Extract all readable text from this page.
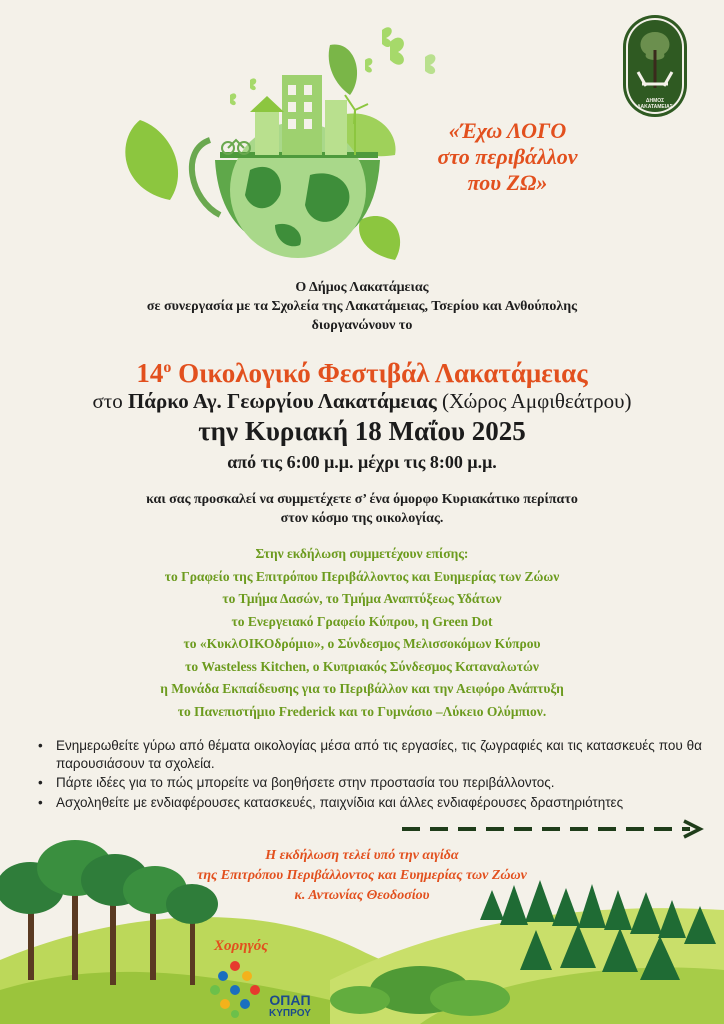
ΔΗΜΟΣ ΛΑΚΑΤΑΜΕΙΑΣ
«Έχω ΛΟΓΟ
στο περιβάλλον
που ΖΩ»
Ο Δήμος Λακατάμειας
σε συνεργασία με τα Σχολεία της Λακατάμειας, Τσερίου και Ανθούπολης
διοργανώνουν το
$14^o$ Οικολογικό Φεστιβάλ Λακατάμειας
στο Πάρκο Αγ. Γεωργίου Λακατάμειας (Χώρος Αμφιθεάτρου)
την Κυριακή 18 Μαΐου 2025
από τις 6:00 μ.μ. μέχρι τις 8:00 μ.μ.
και σας προσκαλεί να συμμετέχετε σ’ ένα όμορφο Κυριακάτικο περίπατο
στον κόσμο της οικολογίας.
Στην εκδήλωση συμμετέχουν επίσης:
το Γραφείο της Επιτρόπου Περιβάλλοντος και Ευημερίας των Ζώων
το Τμήμα Δασών, το Τμήμα Αναπτύξεως Υδάτων
το Ενεργειακό Γραφείο Κύπρου, η Green Dot
το «ΚυκλΟΙΚΟδρόμιο», ο Σύνδεσμος Μελισσοκόμων Κύπρου
το Wasteless Kitchen, ο Κυπριακός Σύνδεσμος Καταναλωτών
η Μονάδα Εκπαίδευσης για το Περιβάλλον και την Αειφόρο Ανάπτυξη
το Πανεπιστήμιο Frederick και το Γυμνάσιο –Λύκειο Ολύμπιον.
• Ενημερωθείτε γύρω από θέματα οικολογίας μέσα από τις εργασίες, τις ζωγραφιές και τις κατασκευές που θα παρουσιάσουν τα σχολεία.
• Πάρτε ιδέες για το πώς μπορείτε να βοηθήσετε στην προστασία του περιβάλλοντος.
• Ασχοληθείτε με ενδιαφέρουσες κατασκευές, παιχνίδια και άλλες ενδιαφέρουσες δραστηριότητες
Η εκδήλωση τελεί υπό την αιγίδα
της Επιτρόπου Περιβάλλοντος και Ευημερίας των Ζώων
κ. Αντωνίας Θεοδοσίου
Χορηγός
ΟΠΑΠ
ΚΥΠΡΟΥ
